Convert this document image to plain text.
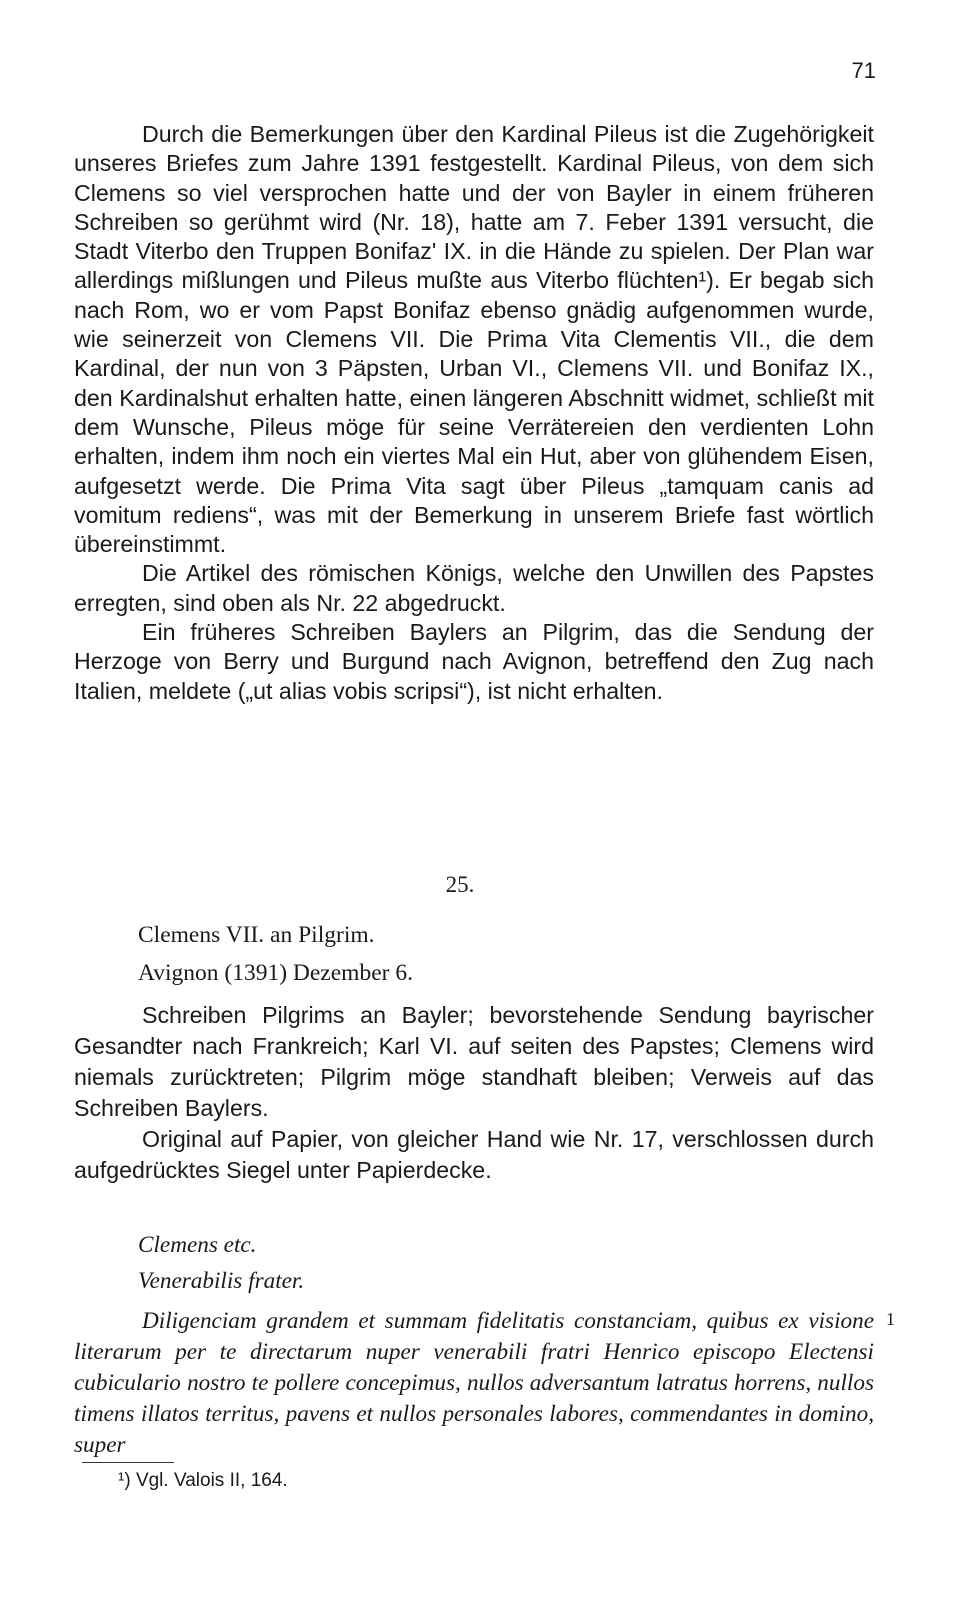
71

Durch die Bemerkungen über den Kardinal Pileus ist die Zugehörigkeit unseres Briefes zum Jahre 1391 festgestellt. Kardinal Pileus, von dem sich Clemens so viel versprochen hatte und der von Bayler in einem früheren Schreiben so gerühmt wird (Nr. 18), hatte am 7. Feber 1391 versucht, die Stadt Viterbo den Truppen Bonifaz' IX. in die Hände zu spielen. Der Plan war allerdings mißlungen und Pileus mußte aus Viterbo flüchten¹). Er begab sich nach Rom, wo er vom Papst Bonifaz ebenso gnädig aufgenommen wurde, wie seinerzeit von Clemens VII. Die Prima Vita Clementis VII., die dem Kardinal, der nun von 3 Päpsten, Urban VI., Clemens VII. und Bonifaz IX., den Kardinalshut erhalten hatte, einen längeren Abschnitt widmet, schließt mit dem Wunsche, Pileus möge für seine Verrätereien den verdienten Lohn erhalten, indem ihm noch ein viertes Mal ein Hut, aber von glühendem Eisen, aufgesetzt werde. Die Prima Vita sagt über Pileus „tamquam canis ad vomitum rediens“, was mit der Bemerkung in unserem Briefe fast wörtlich übereinstimmt.

Die Artikel des römischen Königs, welche den Unwillen des Papstes erregten, sind oben als Nr. 22 abgedruckt.

Ein früheres Schreiben Baylers an Pilgrim, das die Sendung der Herzoge von Berry und Burgund nach Avignon, betreffend den Zug nach Italien, meldete („ut alias vobis scripsi“), ist nicht erhalten.

25.
Clemens VII. an Pilgrim.
Avignon (1391) Dezember 6.

Schreiben Pilgrims an Bayler; bevorstehende Sendung bayrischer Gesandter nach Frankreich; Karl VI. auf seiten des Papstes; Clemens wird niemals zurücktreten; Pilgrim möge standhaft bleiben; Verweis auf das Schreiben Baylers.

Original auf Papier, von gleicher Hand wie Nr. 17, verschlossen durch aufgedrücktes Siegel unter Papierdecke.

Clemens etc.
Venerabilis frater.

Diligenciam grandem et summam fidelitatis constanciam, quibus ex visione literarum per te directarum nuper venerabili fratri Henrico episcopo Electensi cubiculario nostro te pollere concepimus, nullos adversantum latratus horrens, nullos timens illatos territus, pavens et nullos personales labores, commendantes in domino, super

1
¹) Vgl. Valois II, 164.
